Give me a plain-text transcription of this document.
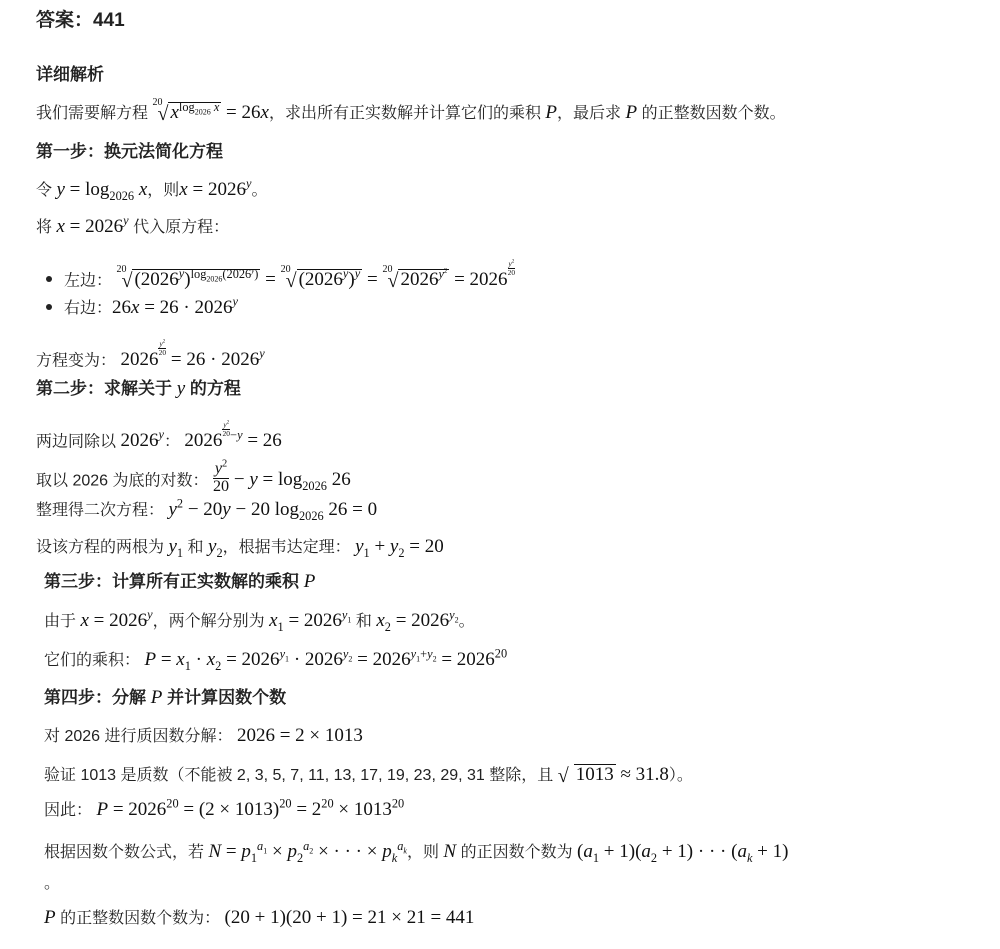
答案：441
详细解析
我们需要解方程
20
√ $x^{log_{2026} x} = 26x$，求出所有正实数解并计算它们的乘积 P，最后求 P 的正整数因数个数。
第一步：换元法简化方程
令 $y = \log_{2026} x$，则$x = 2026^y$。
将 $x = 2026^y$ 代入原方程：
左边：
20
√ $(2026^y)^{log_{2026}(2026^y)} = 20$
√ $(2026^y)^y = 20$
√ $2026^{y^2} = 2026$
$^{\frac{y^2}{20}}$
右边：$26x = 26 \cdot 2026^y$
方程变为： 2026
$^{\frac{y^2}{20}}$
= $26 \cdot 2026^y$
第二步：求解关于 y 的方程
两边同除以 2026$^y$： 2026
$^{\frac{y^2}{20} -y}$ = 26
取以 2026 为底的对数： $\frac{y^2}{20} - y = \log_{2026} 26$
整理得二次方程： $y^2 - 20y - 20$ $\log_{2026} 26 = 0$
设该方程的两根为 $y_1$ 和 $y_2$，根据韦达定理： $y_1 + y_2 = 20$
第三步：计算所有正实数解的乘积 P
由于 $x = 2026^y$，两个解分别为 $x_1 = 2026^{y_1}$ 和 $x_2 = 2026^{y_2}$。
它们的乘积： $P = x_1 \cdot x_2 = 2026^{y_1} \cdot 2026^{y_2} = 2026^{y_1+y_2} = 2026^{20}$
第四步：分解 P 并计算因数个数
对 2026 进行质因数分解： 2026 = 2 × 1013
验证 1013 是质数（不能被 2, 3, 5, 7, 11, 13, 17, 19, 23, 29, 31 整除，且 √ 1013 ≈ 31.8）。
因此： $P = 2026^{20} = (2 \times 1013)^{20} = 2^{20} \times 1013^{20}$
根据因数个数公式，若 $N = p_1^{a_1} \times p_2^{a_2}$ × · · · × $p_k^{a_k}$，则 N 的正因数个数为 $(a_1 + 1)(a_2 + 1)$ · · · $(a_k + 1)$
。
P 的正整数因数个数为： (20 + 1)(20 + 1) = 21 × 21 = 441
